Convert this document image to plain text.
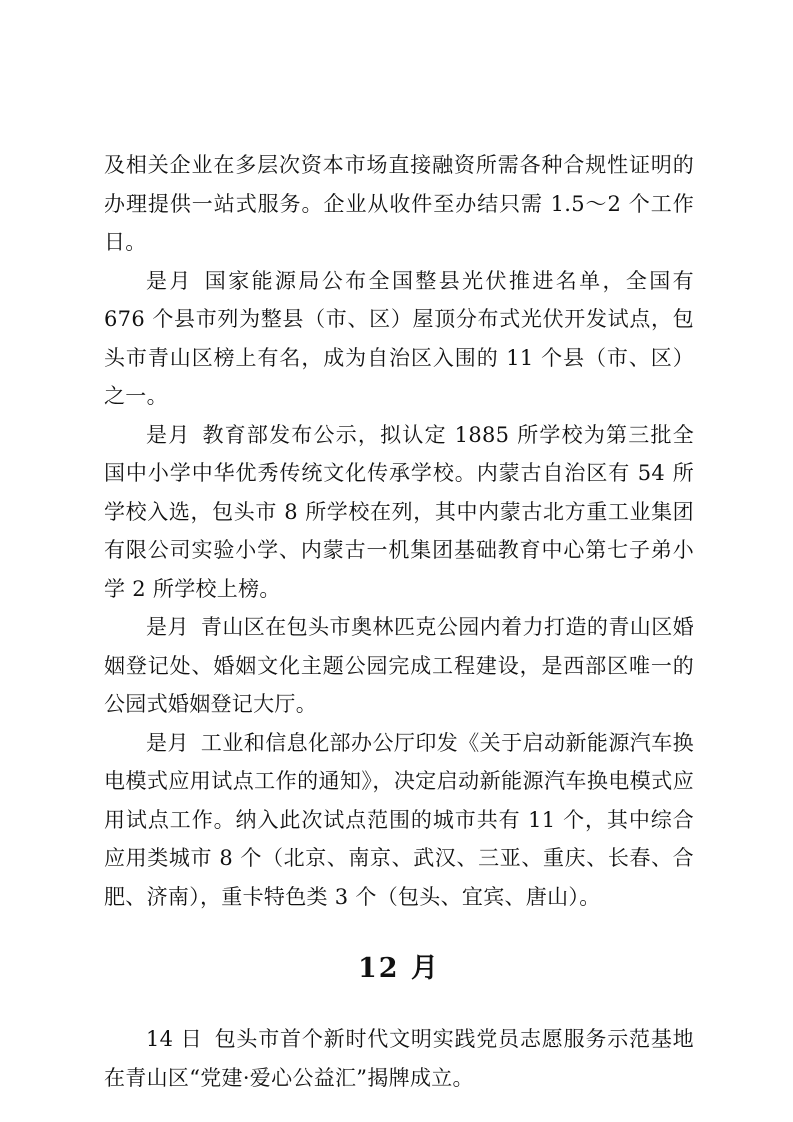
及相关企业在多层次资本市场直接融资所需各种合规性证明的办理提供一站式服务。企业从收件至办结只需 1.5～2 个工作日。

是月 国家能源局公布全国整县光伏推进名单，全国有 676 个县市列为整县（市、区）屋顶分布式光伏开发试点，包头市青山区榜上有名，成为自治区入围的 11 个县（市、区）之一。

是月 教育部发布公示，拟认定 1885 所学校为第三批全国中小学中华优秀传统文化传承学校。内蒙古自治区有 54 所学校入选，包头市 8 所学校在列，其中内蒙古北方重工业集团有限公司实验小学、内蒙古一机集团基础教育中心第七子弟小学 2 所学校上榜。

是月 青山区在包头市奥林匹克公园内着力打造的青山区婚姻登记处、婚姻文化主题公园完成工程建设，是西部区唯一的公园式婚姻登记大厅。

是月 工业和信息化部办公厅印发《关于启动新能源汽车换电模式应用试点工作的通知》，决定启动新能源汽车换电模式应用试点工作。纳入此次试点范围的城市共有 11 个，其中综合应用类城市 8 个（北京、南京、武汉、三亚、重庆、长春、合肥、济南），重卡特色类 3 个（包头、宜宾、唐山）。

12 月

14 日 包头市首个新时代文明实践党员志愿服务示范基地在青山区“党建·爱心公益汇”揭牌成立。
